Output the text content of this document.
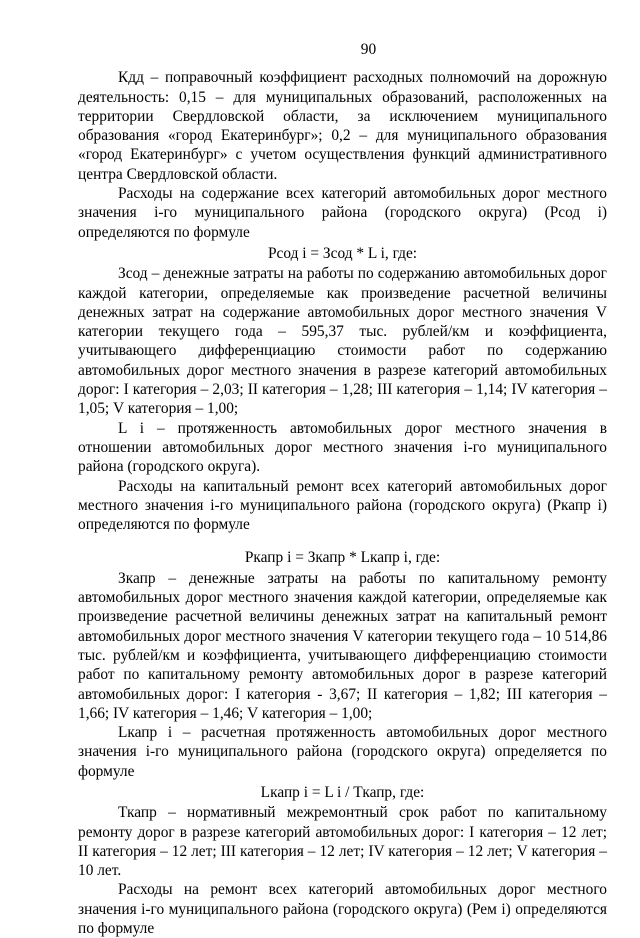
90

Кдд – поправочный коэффициент расходных полномочий на дорожную деятельность: 0,15 – для муниципальных образований, расположенных на территории Свердловской области, за исключением муниципального образования «город Екатеринбург»; 0,2 – для муниципального образования «город Екатеринбург» с учетом осуществления функций административного центра Свердловской области.

Расходы на содержание всех категорий автомобильных дорог местного значения i-го муниципального района (городского округа) (Рсод i) определяются по формуле

Рсод i = Зсод * L i, где:

Зсод – денежные затраты на работы по содержанию автомобильных дорог каждой категории, определяемые как произведение расчетной величины денежных затрат на содержание автомобильных дорог местного значения V категории текущего года – 595,37 тыс. рублей/км и коэффициента, учитывающего дифференциацию стоимости работ по содержанию автомобильных дорог местного значения в разрезе категорий автомобильных дорог: I категория – 2,03; II категория – 1,28; III категория – 1,14; IV категория – 1,05; V категория – 1,00;

L i – протяженность автомобильных дорог местного значения в отношении автомобильных дорог местного значения i-го муниципального района (городского округа).

Расходы на капитальный ремонт всех категорий автомобильных дорог местного значения i-го муниципального района (городского округа) (Ркапр i) определяются по формуле

Ркапр i = Зкапр * Lкапр i, где:

Зкапр – денежные затраты на работы по капитальному ремонту автомобильных дорог местного значения каждой категории, определяемые как произведение расчетной величины денежных затрат на капитальный ремонт автомобильных дорог местного значения V категории текущего года – 10 514,86 тыс. рублей/км и коэффициента, учитывающего дифференциацию стоимости работ по капитальному ремонту автомобильных дорог в разрезе категорий автомобильных дорог: I категория - 3,67; II категория – 1,82; III категория – 1,66; IV категория – 1,46; V категория – 1,00;

Lкапр i – расчетная протяженность автомобильных дорог местного значения i-го муниципального района (городского округа) определяется по формуле

Lкапр i = L i / Ткапр, где:

Ткапр – нормативный межремонтный срок работ по капитальному ремонту дорог в разрезе категорий автомобильных дорог: I категория – 12 лет; II категория – 12 лет; III категория – 12 лет; IV категория – 12 лет; V категория – 10 лет.

Расходы на ремонт всех категорий автомобильных дорог местного значения i-го муниципального района (городского округа) (Рем i) определяются по формуле
